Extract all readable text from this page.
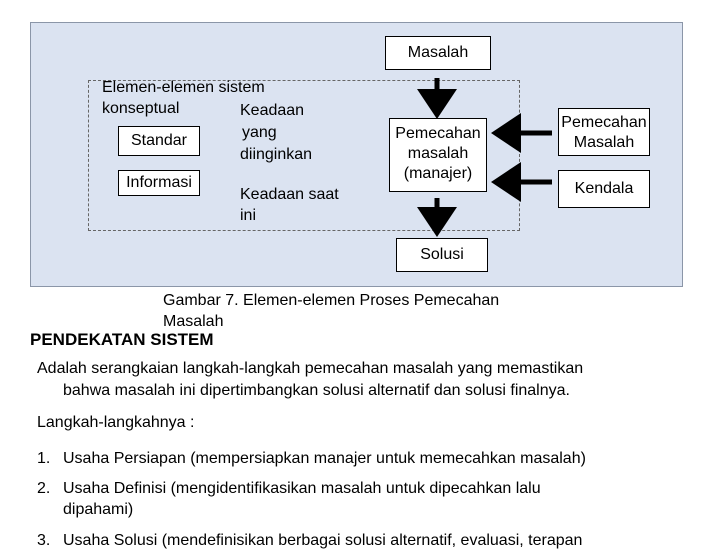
Masalah
Elemen-elemen sistem
konseptual
Standar
Informasi
Keadaan
yang
diinginkan
Keadaan saat
ini
Pemecahan
masalah
(manajer)
Pemecahan
Masalah
Kendala
Solusi
Gambar 7. Elemen-elemen Proses Pemecahan
Masalah
PENDEKATAN SISTEM
Adalah serangkaian langkah-langkah pemecahan masalah yang memastikan
bahwa masalah ini dipertimbangkan solusi alternatif dan solusi finalnya.
Langkah-langkahnya :
1. Usaha Persiapan (mempersiapkan manajer untuk memecahkan masalah)
2. Usaha Definisi (mengidentifikasikan masalah untuk dipecahkan lalu
dipahami)
3. Usaha Solusi (mendefinisikan berbagai solusi alternatif, evaluasi, terapan
